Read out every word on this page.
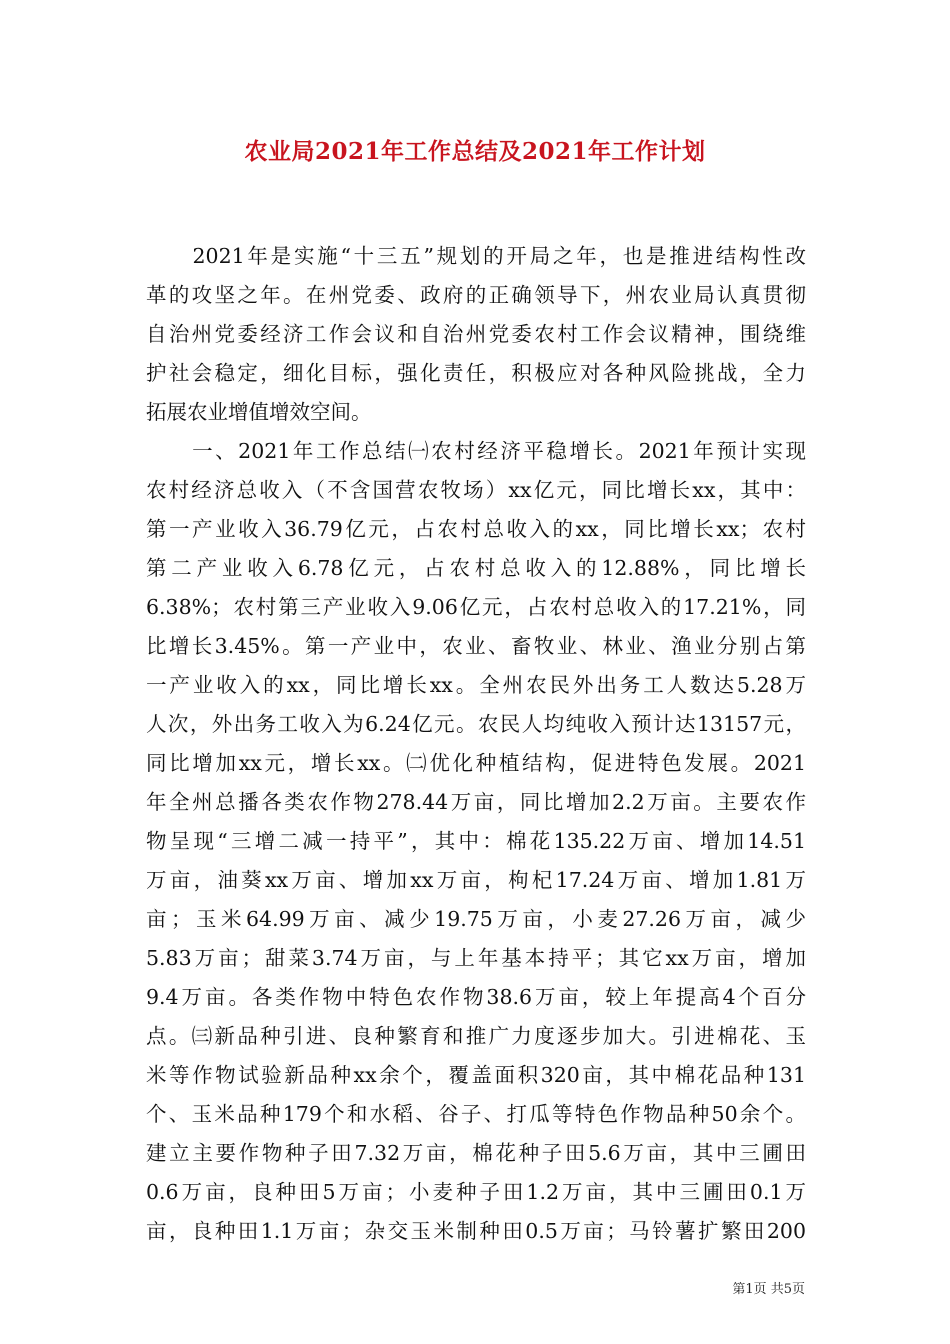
农业局2021年工作总结及2021年工作计划
　　2021年是实施“十三五”规划的开局之年，也是推进结构性改
革的攻坚之年。在州党委、政府的正确领导下，州农业局认真贯彻
自治州党委经济工作会议和自治州党委农村工作会议精神，围绕维
护社会稳定，细化目标，强化责任，积极应对各种风险挑战，全力
拓展农业增值增效空间。
　　一、2021年工作总结㈠农村经济平稳增长。2021年预计实现
农村经济总收入（不含国营农牧场）xx亿元，同比增长xx，其中：
第一产业收入36.79亿元，占农村总收入的xx，同比增长xx；农村
第二产业收入6.78亿元，占农村总收入的12.88%，同比增长
6.38%；农村第三产业收入9.06亿元，占农村总收入的17.21%，同
比增长3.45%。第一产业中，农业、畜牧业、林业、渔业分别占第
一产业收入的xx，同比增长xx。全州农民外出务工人数达5.28万
人次，外出务工收入为6.24亿元。农民人均纯收入预计达13157元，
同比增加xx元，增长xx。㈡优化种植结构，促进特色发展。2021
年全州总播各类农作物278.44万亩，同比增加2.2万亩。主要农作
物呈现“三增二减一持平”，其中：棉花135.22万亩、增加14.51
万亩，油葵xx万亩、增加xx万亩，枸杞17.24万亩、增加1.81万
亩；玉米64.99万亩、减少19.75万亩，小麦27.26万亩，减少
5.83万亩；甜菜3.74万亩，与上年基本持平；其它xx万亩，增加
9.4万亩。各类作物中特色农作物38.6万亩，较上年提高4个百分
点。㈢新品种引进、良种繁育和推广力度逐步加大。引进棉花、玉
米等作物试验新品种xx余个，覆盖面积320亩，其中棉花品种131
个、玉米品种179个和水稻、谷子、打瓜等特色作物品种50余个。
建立主要作物种子田7.32万亩，棉花种子田5.6万亩，其中三圃田
0.6万亩，良种田5万亩；小麦种子田1.2万亩，其中三圃田0.1万
亩，良种田1.1万亩；杂交玉米制种田0.5万亩；马铃薯扩繁田200
第1页 共5页
